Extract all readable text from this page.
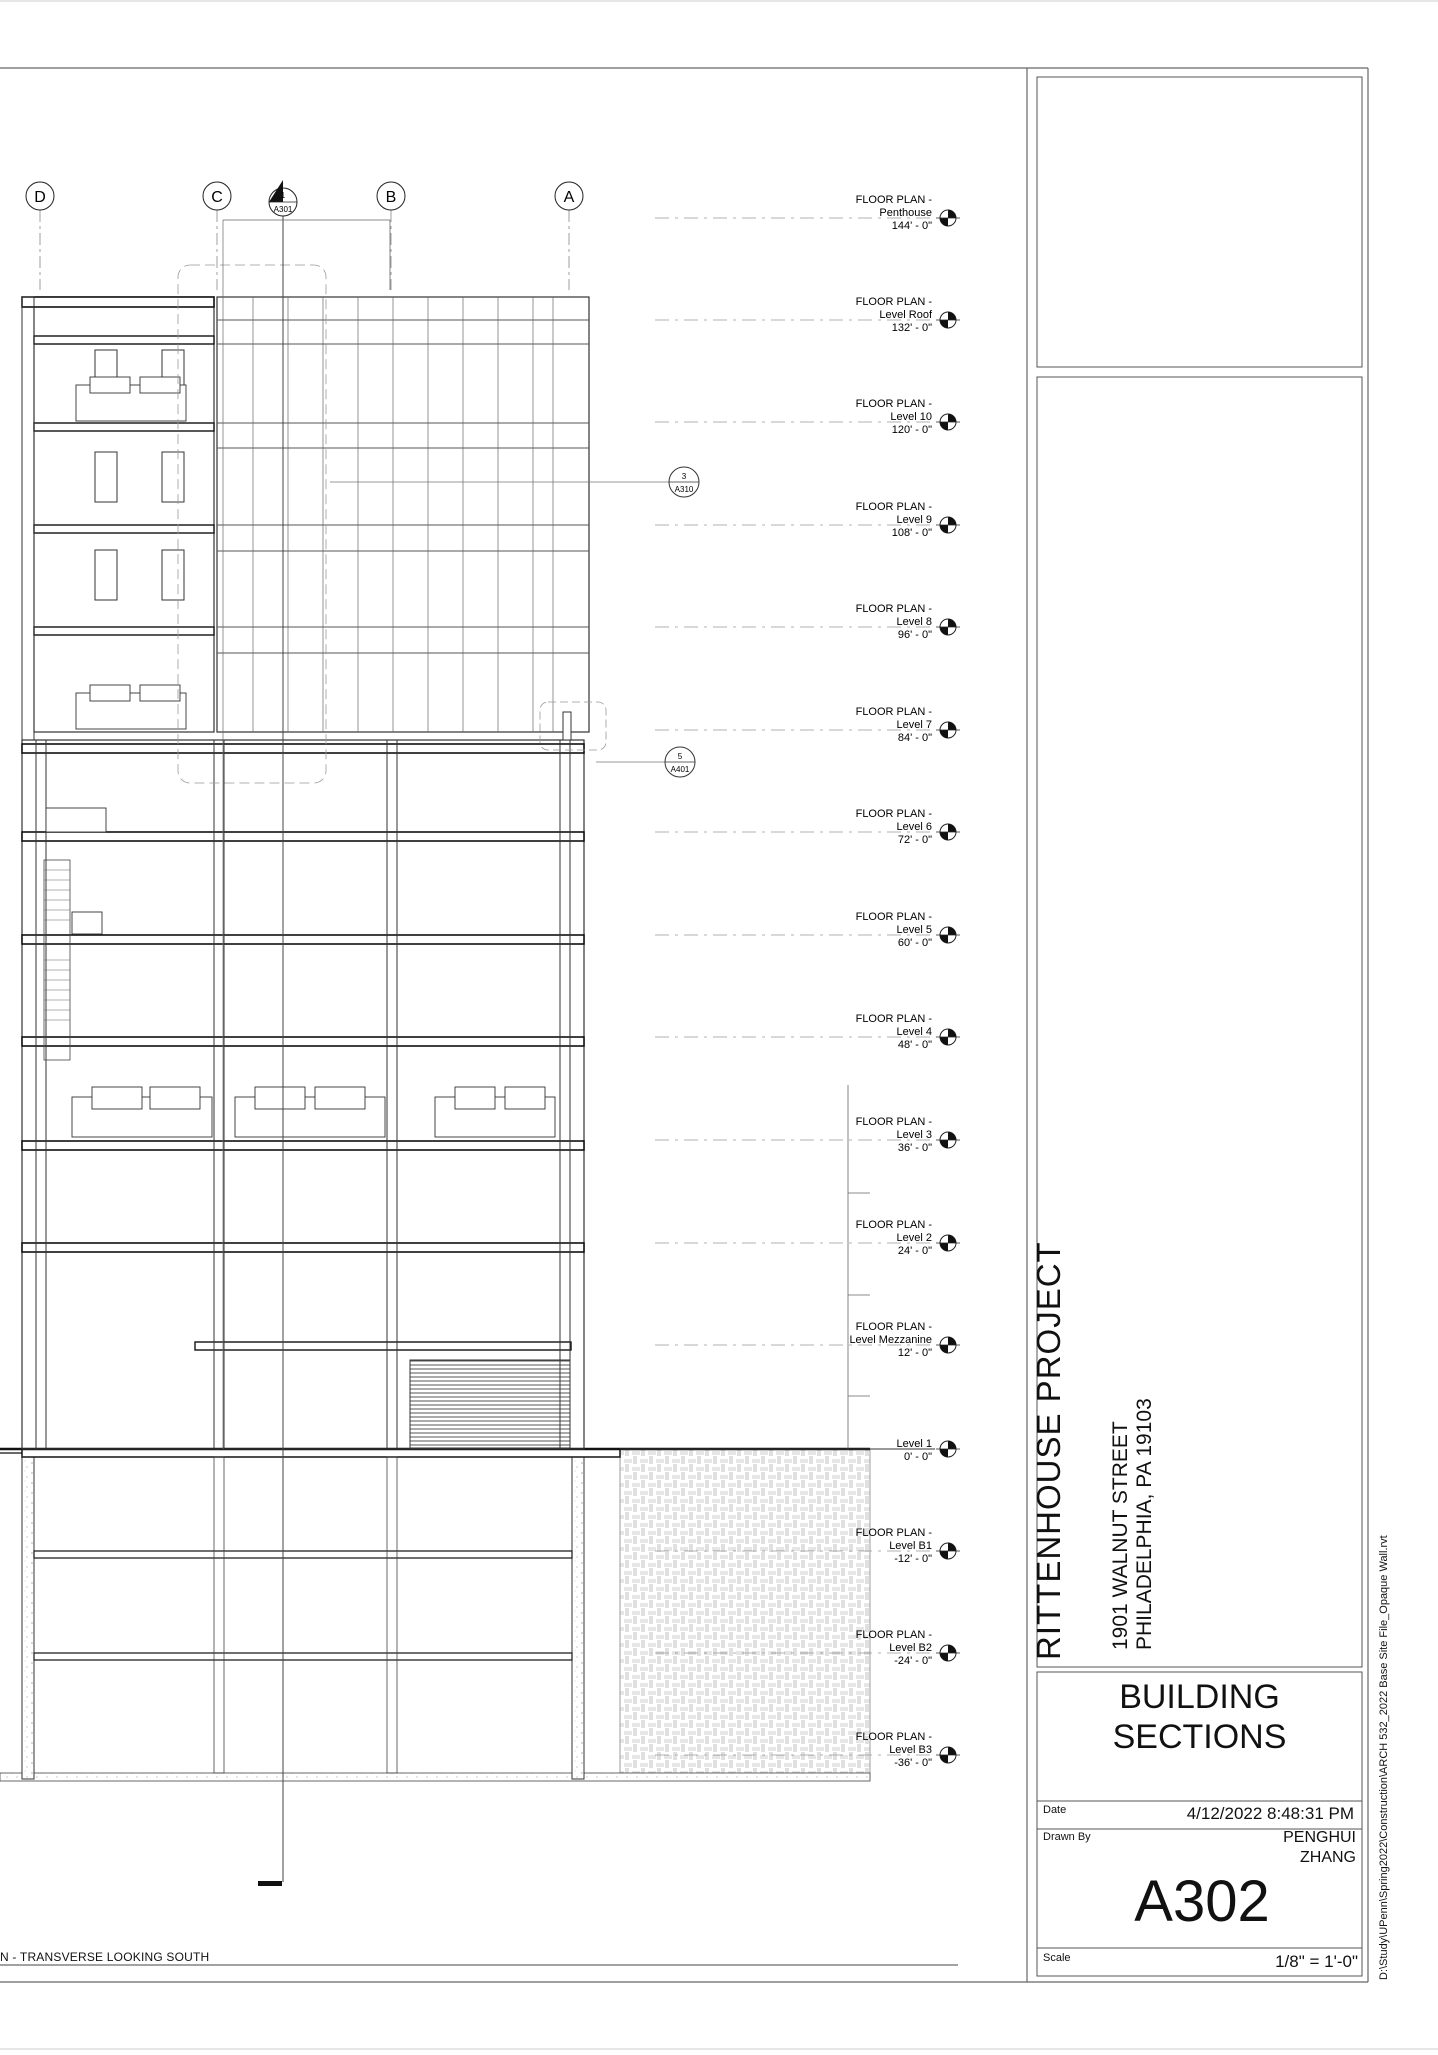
D	C	B	A
1
A301
FLOOR PLAN -
Penthouse
144' - 0"
FLOOR PLAN -
Level Roof
132' - 0"
FLOOR PLAN -
Level 10
120' - 0"
FLOOR PLAN -
Level 9
108' - 0"
FLOOR PLAN -
Level 8
96' - 0"
FLOOR PLAN -
Level 7
84' - 0"
FLOOR PLAN -
Level 6
72' - 0"
FLOOR PLAN -
Level 5
60' - 0"
FLOOR PLAN -
Level 4
48' - 0"
FLOOR PLAN -
Level 3
36' - 0"
FLOOR PLAN -
Level 2
24' - 0"
FLOOR PLAN -
Level Mezzanine
12' - 0"
Level 1
0' - 0"
FLOOR PLAN -
Level B1
-12' - 0"
FLOOR PLAN -
Level B2
-24' - 0"
FLOOR PLAN -
Level B3
-36' - 0"
3
A310
5
A401
N - TRANSVERSE LOOKING SOUTH
RITTENHOUSE PROJECT 1901 WALNUT STREET PHILADELPHIA, PA 19103
BUILDING
SECTIONS
Date	4/12/2022 8:48:31 PM
Drawn By	PENGHUI
ZHANG
A302
Scale	1/8" = 1'-0" D:\Study\UPenn\Spring2022\Construction\ARCH 532_2022 Base Site File_Opaque Wall.rvt
